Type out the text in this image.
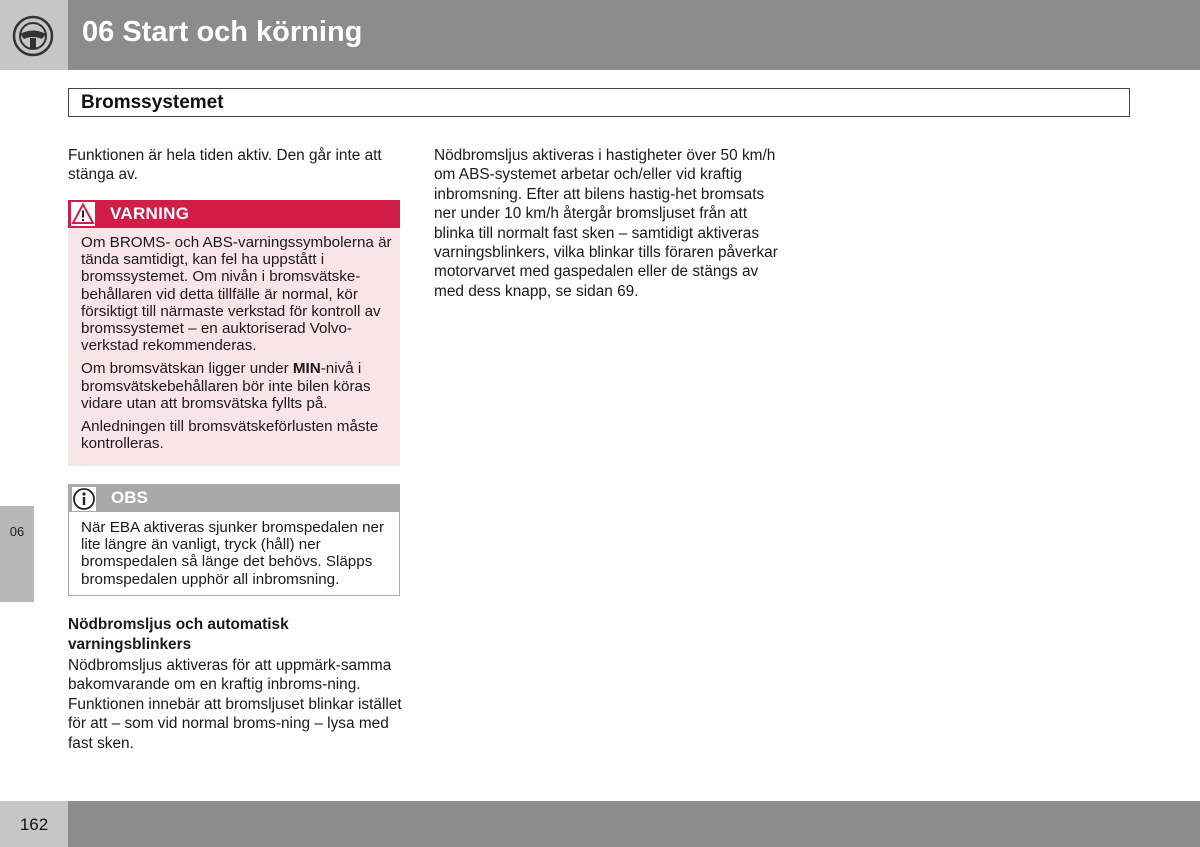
06 Start och körning
Bromssystemet
06

Funktionen är hela tiden aktiv. Den går inte att stänga av.

VARNING

Om BROMS- och ABS-varningssymbolerna är tända samtidigt, kan fel ha uppstått i bromssystemet. Om nivån i bromsvätske-behållaren vid detta tillfälle är normal, kör försiktigt till närmaste verkstad för kontroll av bromssystemet – en auktoriserad Volvo-verkstad rekommenderas.

Om bromsvätskan ligger under MIN-nivå i bromsvätskebehållaren bör inte bilen köras vidare utan att bromsvätska fyllts på.

Anledningen till bromsvätskeförlusten måste kontrolleras.

OBS

När EBA aktiveras sjunker bromspedalen ner lite längre än vanligt, tryck (håll) ner bromspedalen så länge det behövs. Släpps bromspedalen upphör all inbromsning.

Nödbromsljus och automatisk varningsblinkers

Nödbromsljus aktiveras för att uppmärk-samma bakomvarande om en kraftig inbroms-ning. Funktionen innebär att bromsljuset blinkar istället för att – som vid normal broms-ning – lysa med fast sken.

Nödbromsljus aktiveras i hastigheter över 50 km/h om ABS-systemet arbetar och/eller vid kraftig inbromsning. Efter att bilens hastig-het bromsats ner under 10 km/h återgår bromsljuset från att blinka till normalt fast sken – samtidigt aktiveras varningsblinkers, vilka blinkar tills föraren påverkar motorvarvet med gaspedalen eller de stängs av med dess knapp, se sidan 69.

162
